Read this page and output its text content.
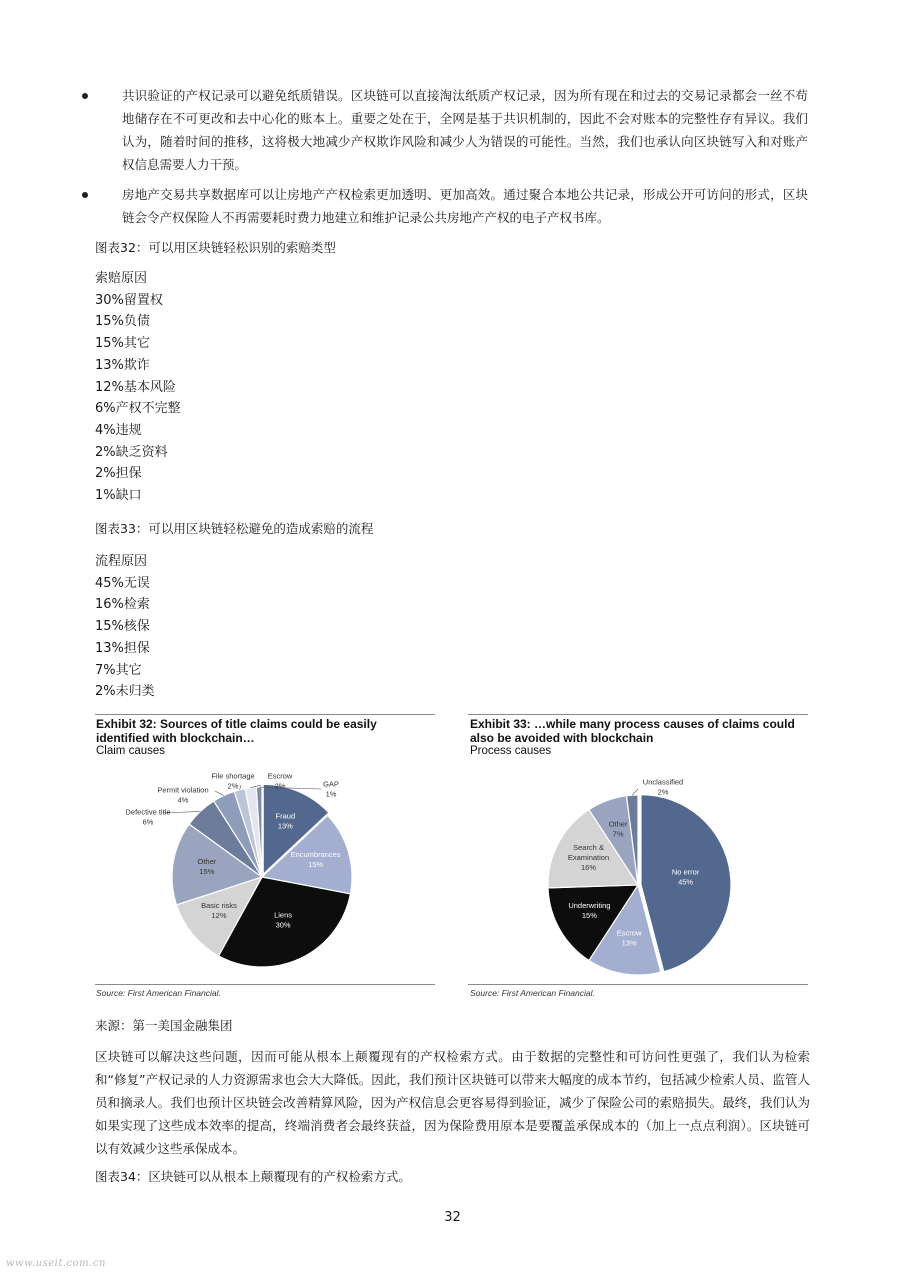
共识验证的产权记录可以避免纸质错误。区块链可以直接淘汰纸质产权记录，因为所有现在和过去的交易记录都会一丝不苟地储存在不可更改和去中心化的账本上。重要之处在于，全网是基于共识机制的，因此不会对账本的完整性存有异议。我们认为，随着时间的推移，这将极大地减少产权欺诈风险和减少人为错误的可能性。当然，我们也承认向区块链写入和对账产权信息需要人力干预。
房地产交易共享数据库可以让房地产产权检索更加透明、更加高效。通过聚合本地公共记录，形成公开可访问的形式，区块链会令产权保险人不再需要耗时费力地建立和维护记录公共房地产产权的电子产权书库。
图表32：可以用区块链轻松识别的索赔类型
索赔原因
30%留置权
15%负债
15%其它
13%欺诈
12%基本风险
6%产权不完整
4%违规
2%缺乏资料
2%担保
1%缺口
图表33：可以用区块链轻松避免的造成索赔的流程
流程原因
45%无误
16%检索
15%核保
13%担保
7%其它
2%未归类
Exhibit 32: Sources of title claims could be easily
identified with blockchain…
Claim causes
Fraud 13%
Encumbrances 15%
Liens 30%
Basic risks 12%
Other 15%
Defective title 6%
Permit violation 4%
File shortage 2%
Escrow 2%	GAP 1%
Source: First American Financial.
Exhibit 33: …while many process causes of claims could
also be avoided with blockchain
Process causes
No error 45%
Escrow 13%
Underwriting 15%
Search & Examination 16%
Other 7%
Unclassified 2%
Source: First American Financial.
来源：第一美国金融集团
区块链可以解决这些问题，因而可能从根本上颠覆现有的产权检索方式。由于数据的完整性和可访问性更强了，我们认为检索和“修复”产权记录的人力资源需求也会大大降低。因此，我们预计区块链可以带来大幅度的成本节约，包括减少检索人员、监管人员和摘录人。我们也预计区块链会改善精算风险，因为产权信息会更容易得到验证，减少了保险公司的索赔损失。最终，我们认为如果实现了这些成本效率的提高，终端消费者会最终获益，因为保险费用原本是要覆盖承保成本的（加上一点点利润）。区块链可以有效减少这些承保成本。
图表34：区块链可以从根本上颠覆现有的产权检索方式。
32
www.useit.com.cn
